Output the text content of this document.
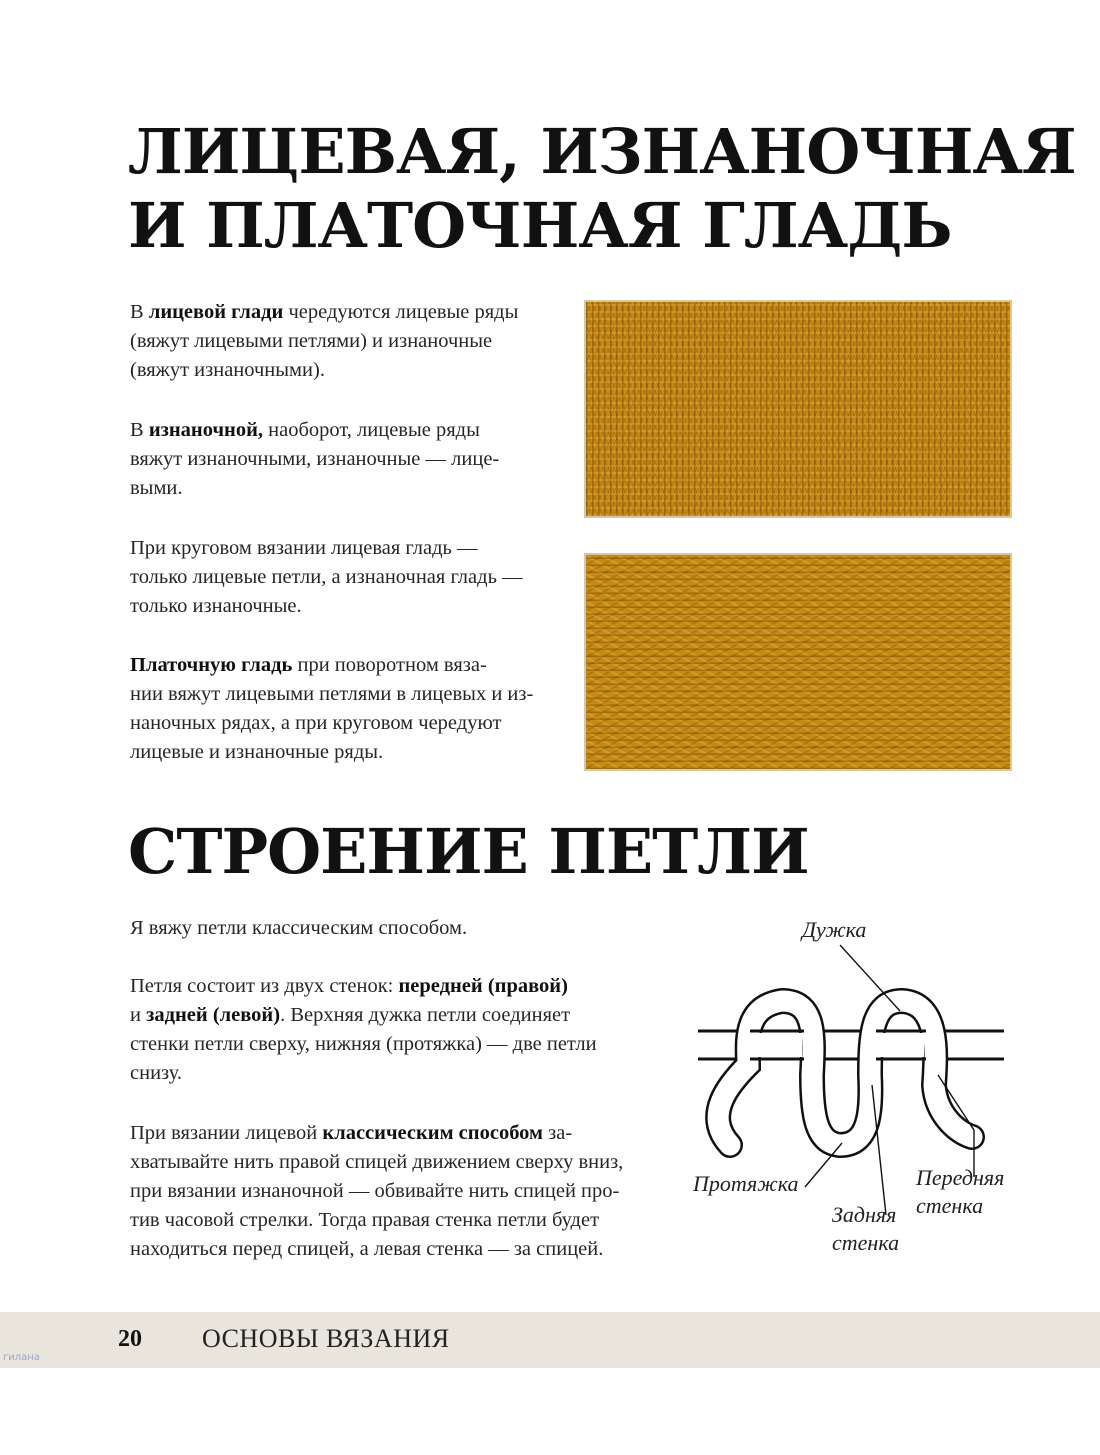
ЛИЦЕВАЯ, ИЗНАНОЧНАЯ
И ПЛАТОЧНАЯ ГЛАДЬ

В лицевой глади чередуются лицевые ряды
(вяжут лицевыми петлями) и изнаночные
(вяжут изнаночными).

В изнаночной, наоборот, лицевые ряды
вяжут изнаночными, изнаночные — лице-
выми.

При круговом вязании лицевая гладь —
только лицевые петли, а изнаночная гладь —
только изнаночные.

Платочную гладь при поворотном вяза-
нии вяжут лицевыми петлями в лицевых и из-
наночных рядах, а при круговом чередуют
лицевые и изнаночные ряды.

СТРОЕНИЕ ПЕТЛИ

Я вяжу петли классическим способом.

Петля состоит из двух стенок: передней (правой)
и задней (левой). Верхняя дужка петли соединяет
стенки петли сверху, нижняя (протяжка) — две петли
снизу.

При вязании лицевой классическим способом за-
хватывайте нить правой спицей движением сверху вниз,
при вязании изнаночной — обвивайте нить спицей про-
тив часовой стрелки. Тогда правая стенка петли будет
находиться перед спицей, а левая стенка — за спицей.

Дужка
Протяжка
Задняя
стенка
Передняя
стенка
20 ОСНОВЫ ВЯЗАНИЯ
гилана
